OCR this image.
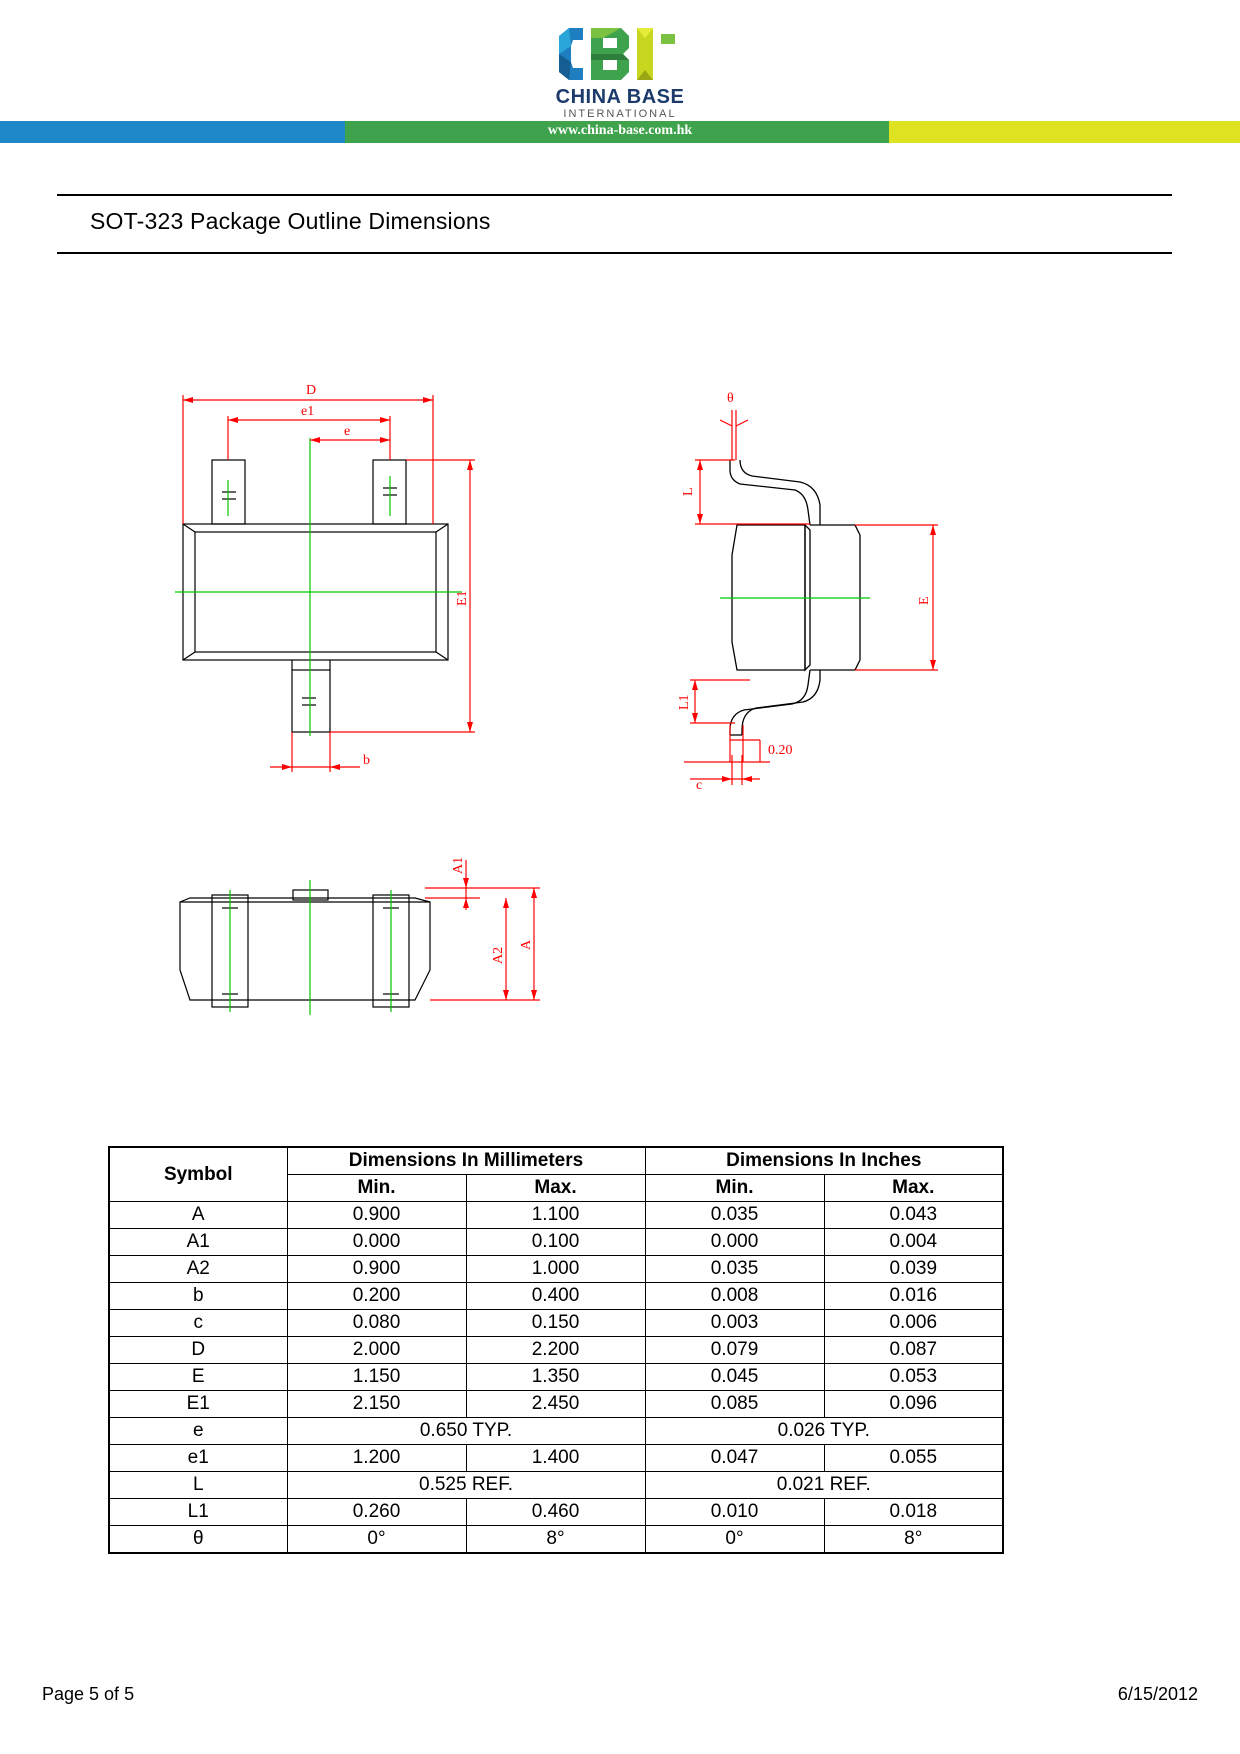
CHINA BASE
INTERNATIONAL
www.china-base.com.hk
SOT-323 Package Outline Dimensions
D
e1
e
b
E1
θ
L
E
L1
0.20
c
A1
A2
A
Symbol	Dimensions In Millimeters		Dimensions In Inches	
	Min.	Max.	Min.	Max.
A	0.900	1.100	0.035	0.043
A1	0.000	0.100	0.000	0.004
A2	0.900	1.000	0.035	0.039
b	0.200	0.400	0.008	0.016
c	0.080	0.150	0.003	0.006
D	2.000	2.200	0.079	0.087
E	1.150	1.350	0.045	0.053
E1	2.150	2.450	0.085	0.096
e	0.650 TYP.		0.026 TYP.	
e1	1.200	1.400	0.047	0.055
L	0.525 REF.		0.021 REF.	
L1	0.260	0.460	0.010	0.018
θ	0°	8°	0°	8°
Page 5 of 5	6/15/2012
